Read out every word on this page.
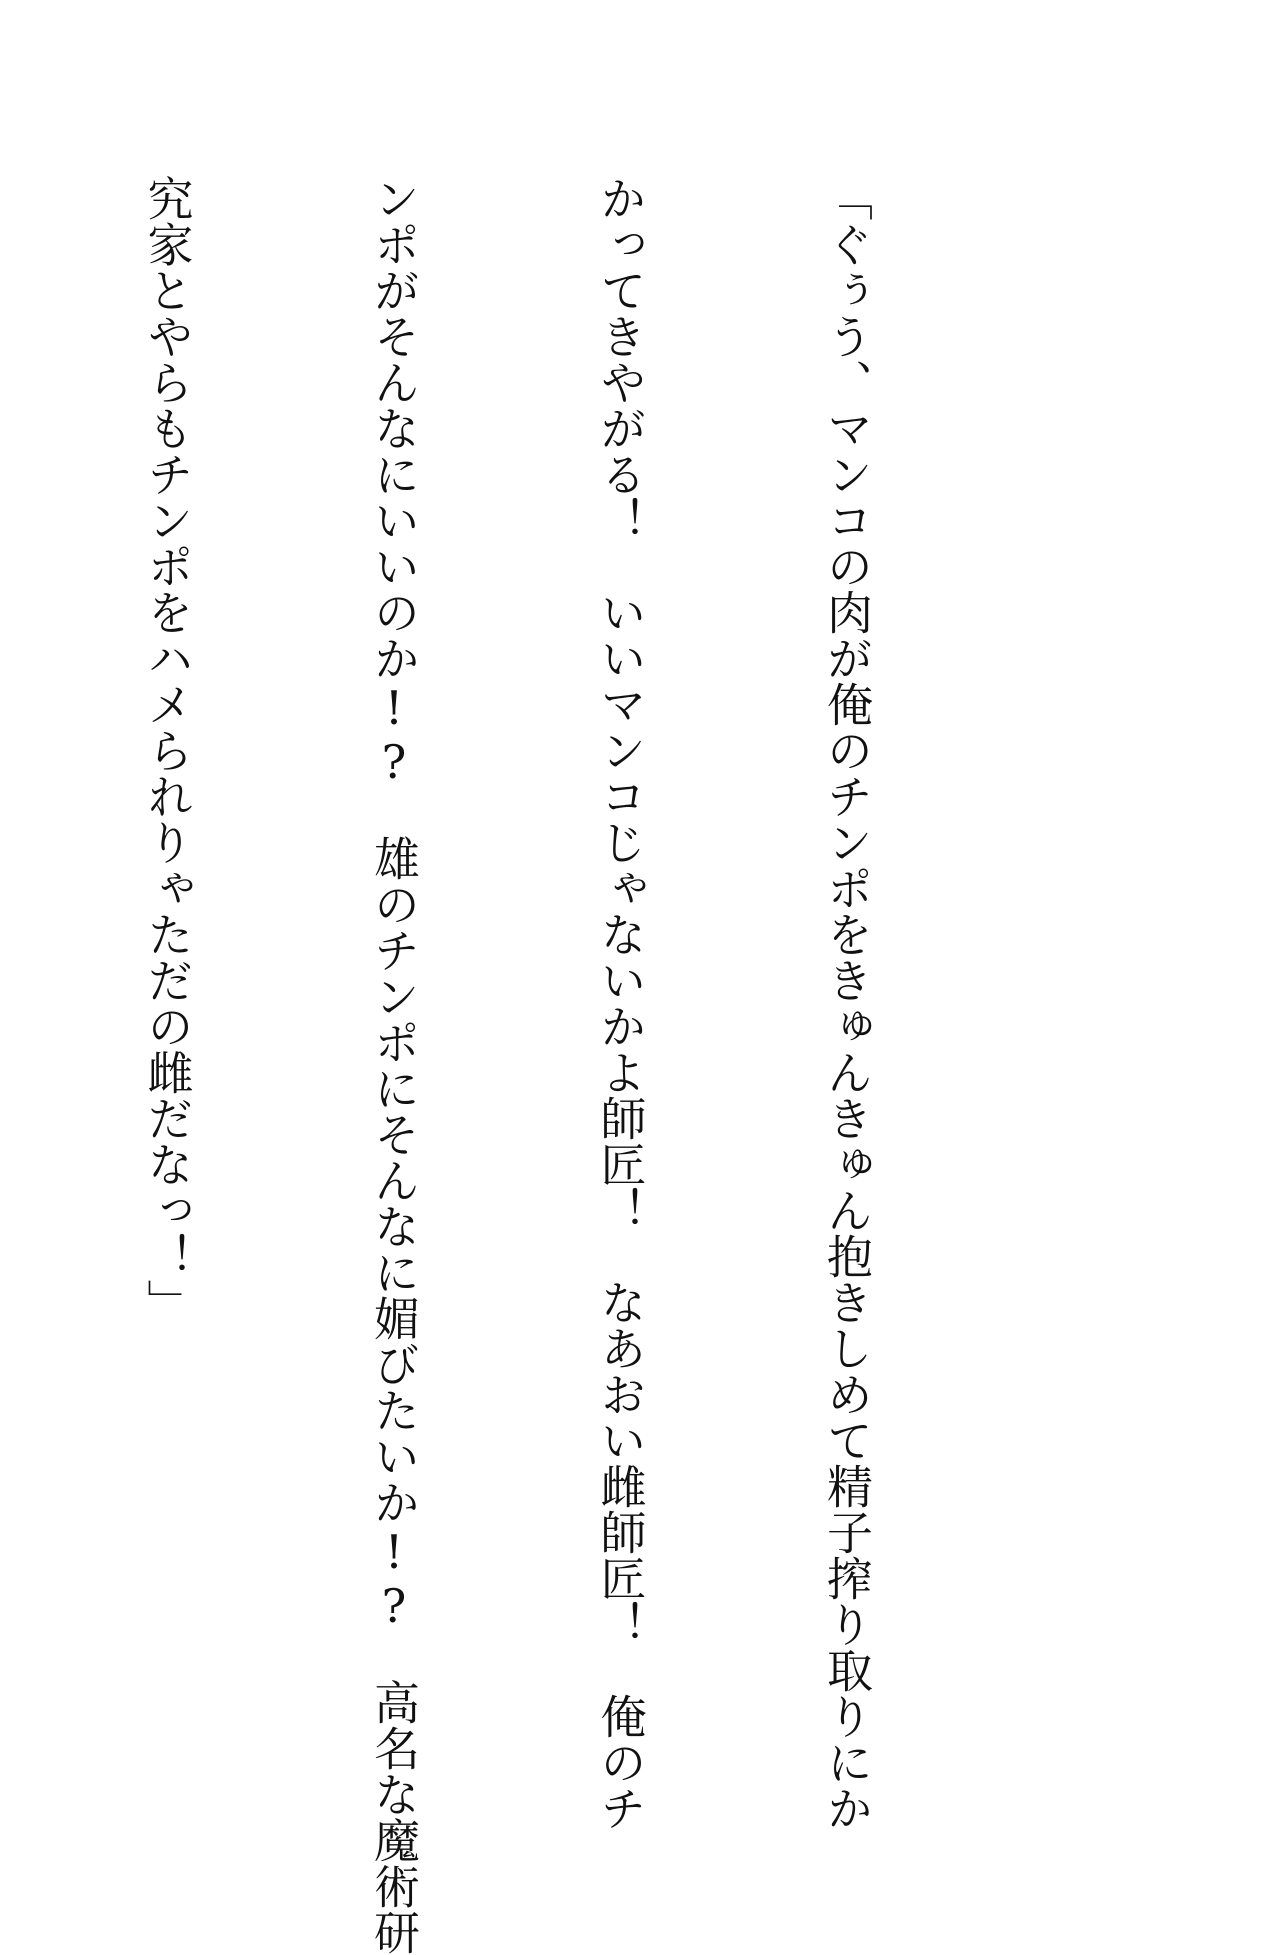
「ぐぅう、マンコの肉が俺のチンポをきゅんきゅん抱きしめて精子搾り取りにか

かってきやがる！　いいマンコじゃないかよ師匠！　なあおい雌師匠！　俺のチ

ンポがそんなにいいのか!?　雄のチンポにそんなに媚びたいか!?　高名な魔術研

究家とやらもチンポをハメられりゃただの雌だなっ！」
